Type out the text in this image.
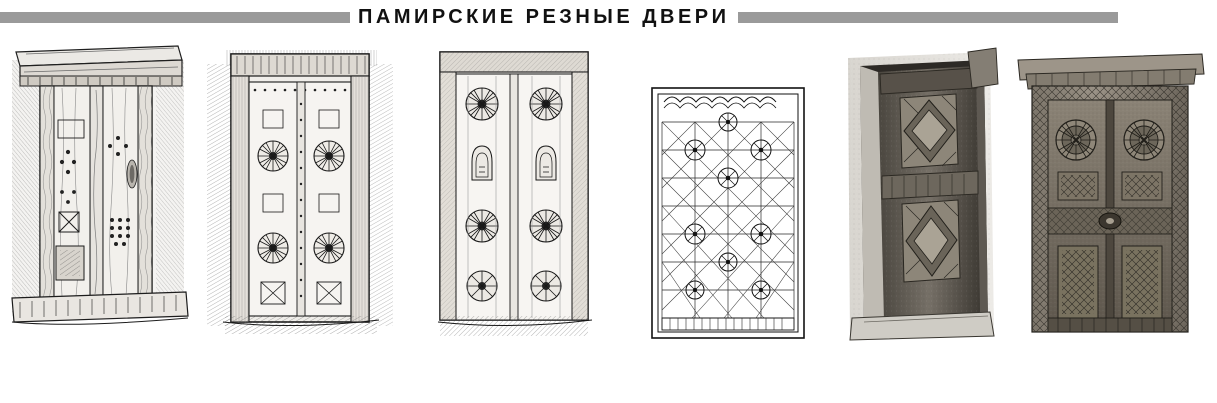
ПАМИРСКИЕ РЕЗНЫЕ ДВЕРИ
